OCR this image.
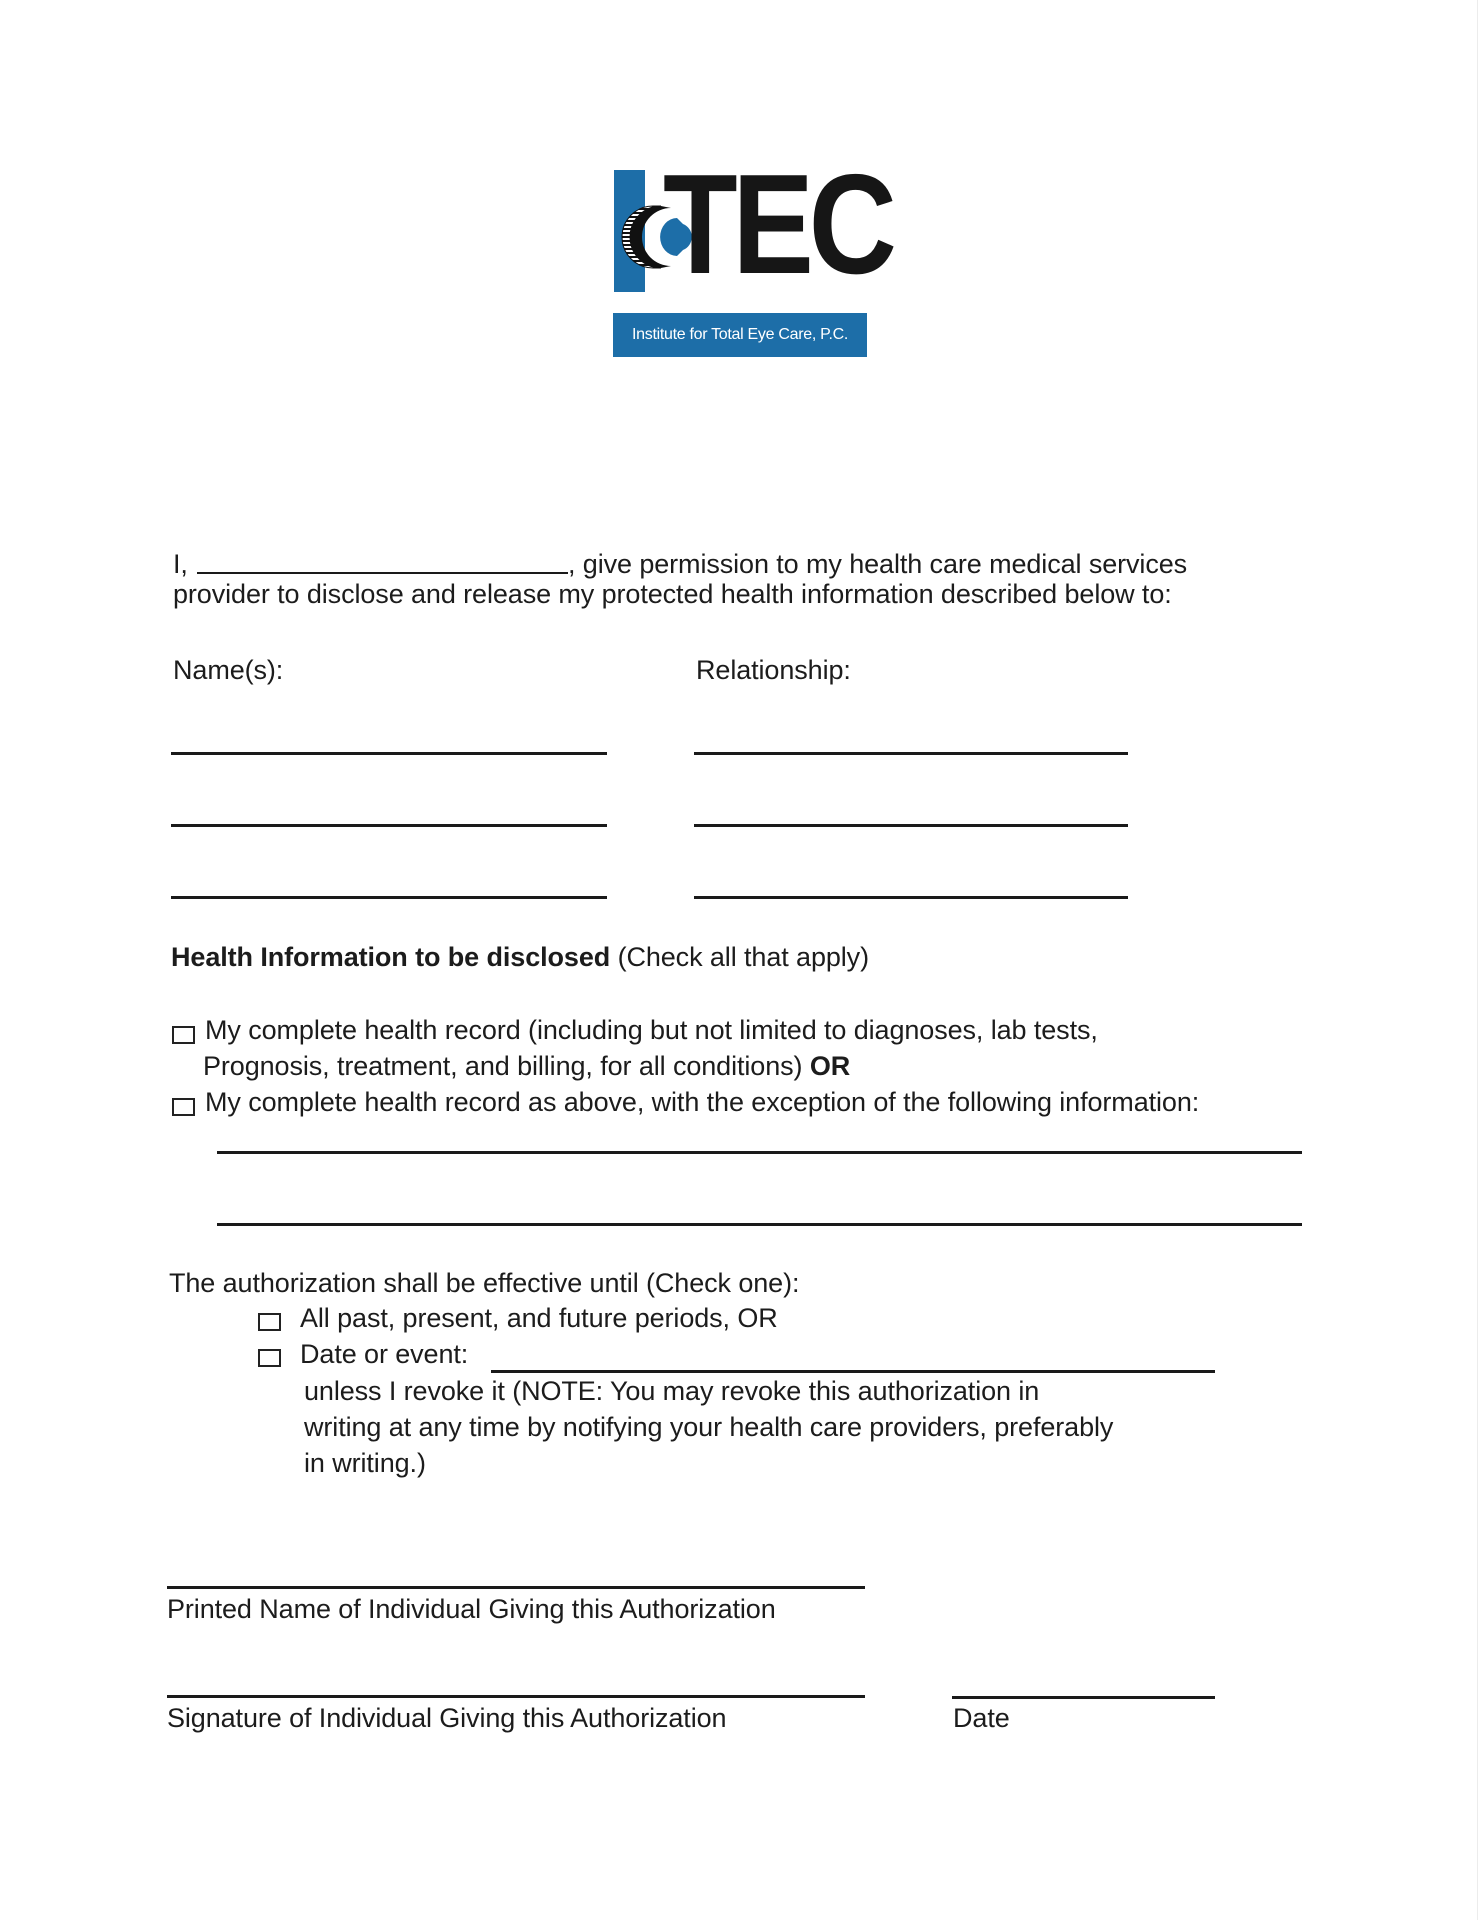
TEC
Institute for Total Eye Care, P.C.
I,	, give permission to my health care medical services
provider to disclose and release my protected health information described below to:
Name(s):	Relationship:
Health Information to be disclosed (Check all that apply)
My complete health record (including but not limited to diagnoses, lab tests,
Prognosis, treatment, and billing, for all conditions) OR
My complete health record as above, with the exception of the following information:
The authorization shall be effective until (Check one):
All past, present, and future periods, OR
Date or event:
unless I revoke it (NOTE: You may revoke this authorization in
writing at any time by notifying your health care providers, preferably
in writing.)
Printed Name of Individual Giving this Authorization
Signature of Individual Giving this Authorization	Date
